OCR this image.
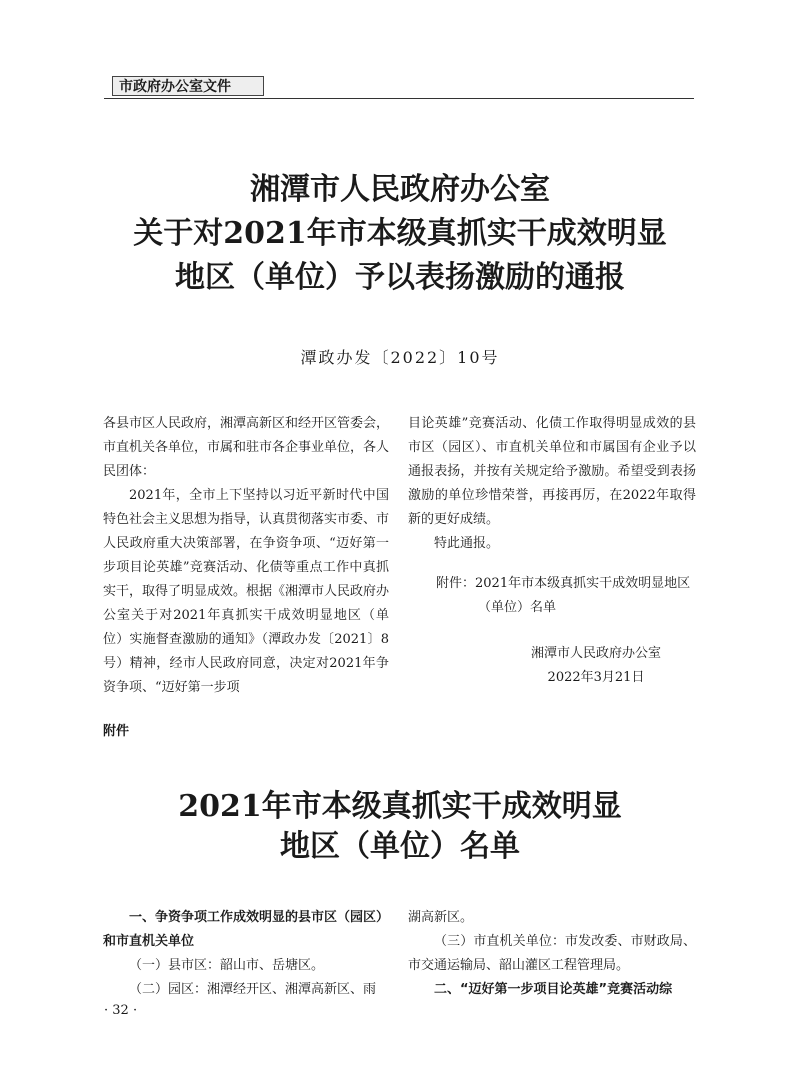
市政府办公室文件
湘潭市人民政府办公室
关于对2021年市本级真抓实干成效明显
地区（单位）予以表扬激励的通报
潭政办发〔2022〕10号

各县市区人民政府，湘潭高新区和经开区管委会，市直机关各单位，市属和驻市各企事业单位，各人民团体：

2021年，全市上下坚持以习近平新时代中国特色社会主义思想为指导，认真贯彻落实市委、市人民政府重大决策部署，在争资争项、“迈好第一步项目论英雄”竞赛活动、化债等重点工作中真抓实干，取得了明显成效。根据《湘潭市人民政府办公室关于对2021年真抓实干成效明显地区（单位）实施督查激励的通知》（潭政办发〔2021〕8号）精神，经市人民政府同意，决定对2021年争资争项、“迈好第一步项

目论英雄”竞赛活动、化债工作取得明显成效的县市区（园区）、市直机关单位和市属国有企业予以通报表扬，并按有关规定给予激励。希望受到表扬激励的单位珍惜荣誉，再接再厉，在2022年取得新的更好成绩。

特此通报。

附件：2021年市本级真抓实干成效明显地区
（单位）名单
湘潭市人民政府办公室
2022年3月21日
附件
2021年市本级真抓实干成效明显
地区（单位）名单

一、争资争项工作成效明显的县市区（园区）和市直机关单位

（一）县市区：韶山市、岳塘区。

（二）园区：湘潭经开区、湘潭高新区、雨

湖高新区。

（三）市直机关单位：市发改委、市财政局、市交通运输局、韶山灌区工程管理局。

二、“迈好第一步项目论英雄”竞赛活动综

· 32 ·
